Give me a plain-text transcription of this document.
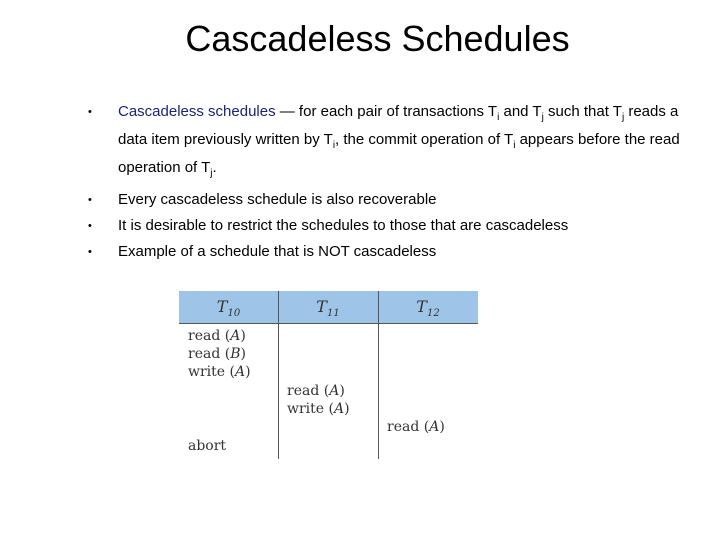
Cascadeless Schedules
• Cascadeless schedules — for each pair of transactions $T_i$ and $T_j$ such that $T_j$ reads a data item previously written by $T_i$, the commit operation of $T_i$ appears before the read operation of $T_j$.
• Every cascadeless schedule is also recoverable
• It is desirable to restrict the schedules to those that are cascadeless
• Example of a schedule that is NOT cascadeless
$T_{10}$	$T_{11}$	$T_{12}$
read (A)
read (B)
write (A)
read (A)
write (A)
read (A)
abort
